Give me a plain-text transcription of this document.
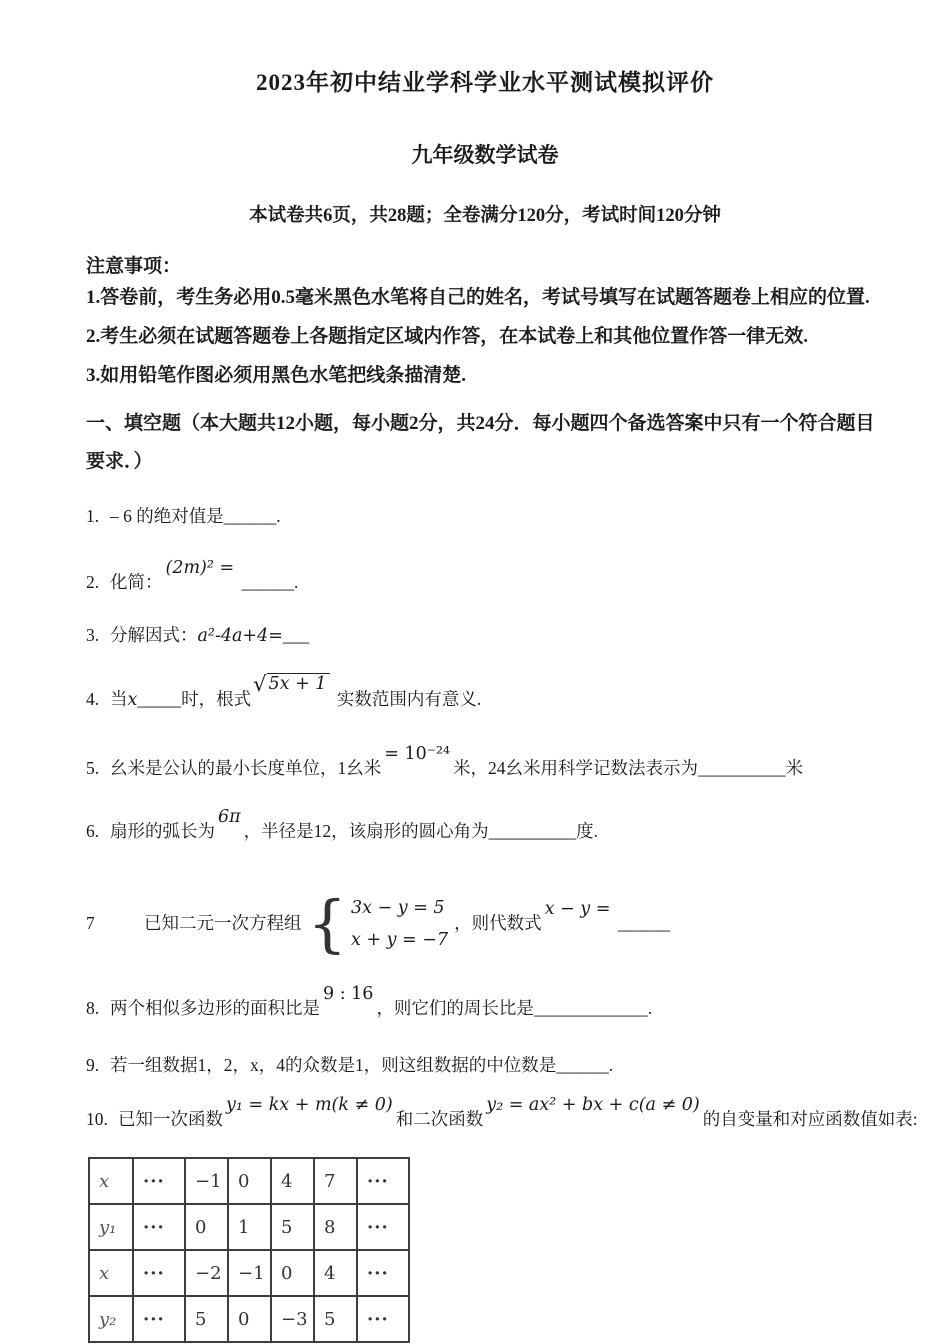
2023年初中结业学科学业水平测试模拟评价
九年级数学试卷
本试卷共6页，共28题；全卷满分120分，考试时间120分钟
注意事项：
1.答卷前，考生务必用0.5毫米黑色水笔将自己的姓名，考试号填写在试题答题卷上相应的位置.
2.考生必须在试题答题卷上各题指定区域内作答，在本试卷上和其他位置作答一律无效.
3.如用铅笔作图必须用黑色水笔把线条描清楚.
一、填空题（本大题共12小题，每小题2分，共24分．每小题四个备选答案中只有一个符合题目要求．）
1. – 6 的绝对值是______.
2. 化简：(2m)² = ______.
3. 分解因式：a²-4a+4=___
4. 当x_____时，根式√ 5x + 1 实数范围内有意义.
5. 幺米是公认的最小长度单位，1幺米= 10⁻²⁴米，24幺米用科学记数法表示为__________米
6. 扇形的弧长为6π，半径是12，该扇形的圆心角为__________度.
7	已知二元一次方程组 { 3x − y = 5
x + y = −7
，则代数式x − y = ______
8. 两个相似多边形的面积比是9 : 16，则它们的周长比是_____________.
9. 若一组数据1，2，x，4的众数是1，则这组数据的中位数是______.
10. 已知一次函数y₁ = kx + m(k ≠ 0)和二次函数y₂ = ax² + bx + c(a ≠ 0)的自变量和对应函数值如表:
x	···	−1	0	4	7	···
y₁	···	0	1	5	8	···
x	···	−2	−1	0	4	···
y₂	···	5	0	−3	5	···
